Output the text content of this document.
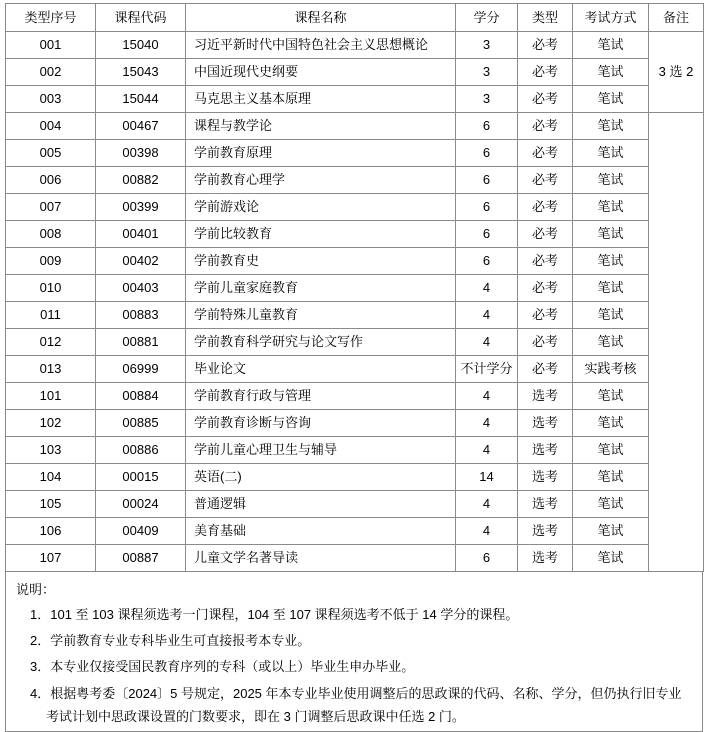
类型序号	课程代码	课程名称	学分	类型	考试方式	备注
001	15040	习近平新时代中国特色社会主义思想概论	3	必考	笔试	3 选 2
002	15043	中国近现代史纲要	3	必考	笔试	
003	15044	马克思主义基本原理	3	必考	笔试	
004	00467	课程与教学论	6	必考	笔试	
005	00398	学前教育原理	6	必考	笔试	
006	00882	学前教育心理学	6	必考	笔试	
007	00399	学前游戏论	6	必考	笔试	
008	00401	学前比较教育	6	必考	笔试	
009	00402	学前教育史	6	必考	笔试	
010	00403	学前儿童家庭教育	4	必考	笔试	
011	00883	学前特殊儿童教育	4	必考	笔试	
012	00881	学前教育科学研究与论文写作	4	必考	笔试	
013	06999	毕业论文	不计学分	必考	实践考核	
101	00884	学前教育行政与管理	4	选考	笔试	
102	00885	学前教育诊断与咨询	4	选考	笔试	
103	00886	学前儿童心理卫生与辅导	4	选考	笔试	
104	00015	英语(二)	14	选考	笔试	
105	00024	普通逻辑	4	选考	笔试	
106	00409	美育基础	4	选考	笔试	
107	00887	儿童文学名著导读	6	选考	笔试	
说明：
1．101 至 103 课程须选考一门课程，104 至 107 课程须选考不低于 14 学分的课程。
2．学前教育专业专科毕业生可直接报考本专业。
3．本专业仅接受国民教育序列的专科（或以上）毕业生申办毕业。
4．根据粤考委〔2024〕5 号规定，2025 年本专业毕业使用调整后的思政课的代码、名称、学分，但仍执行旧专业考试计划中思政课设置的门数要求，即在 3 门调整后思政课中任选 2 门。
